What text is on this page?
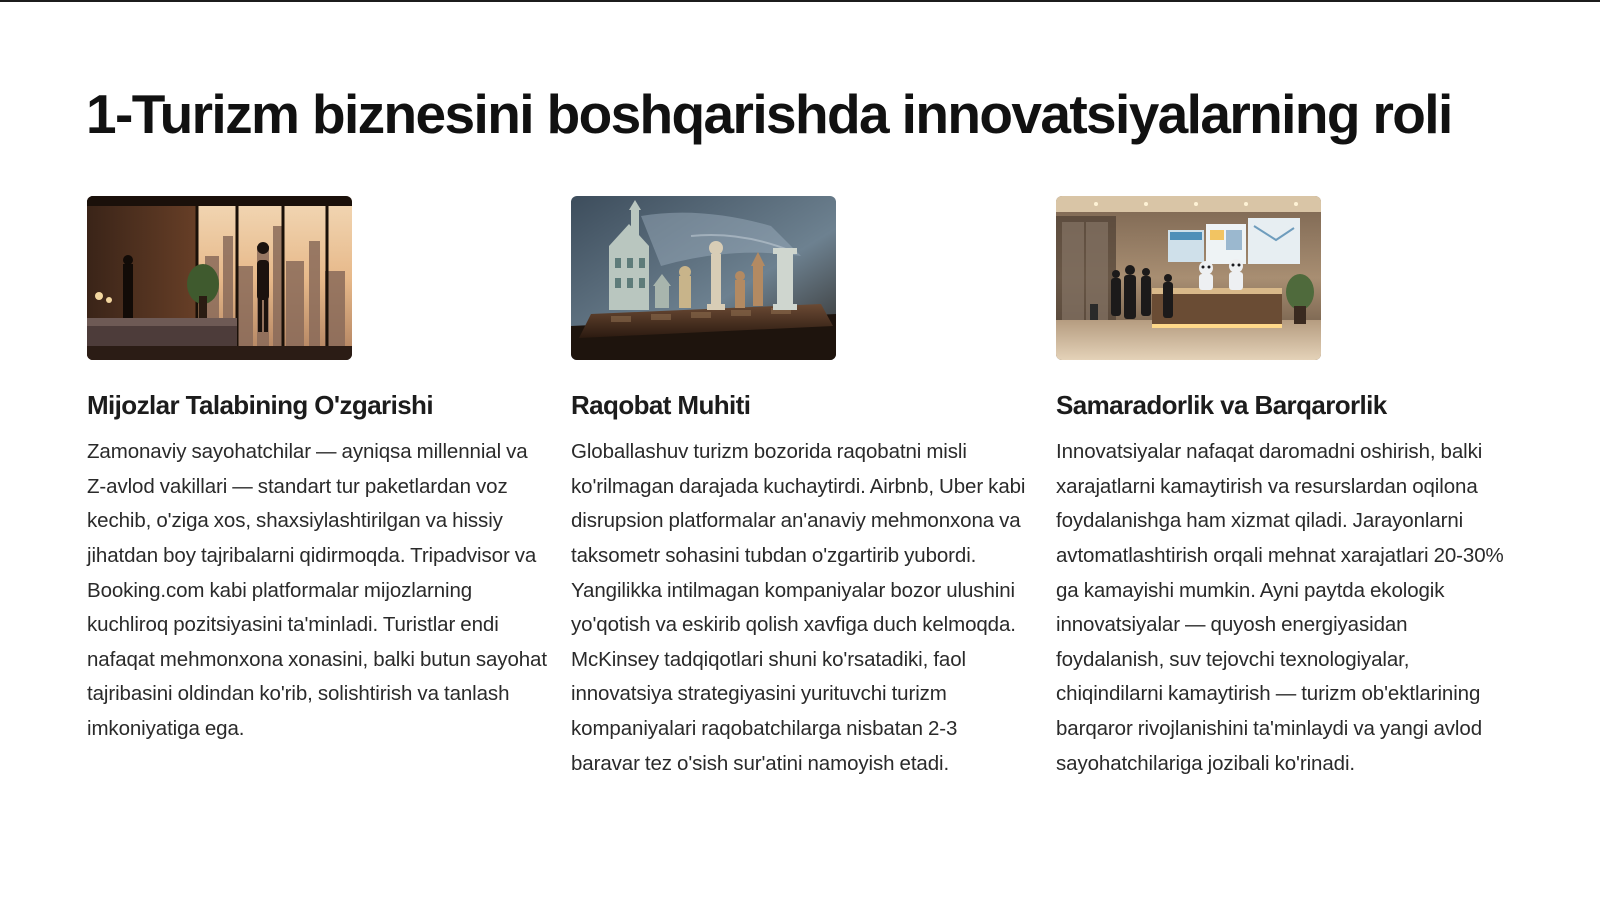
1-Turizm biznesini boshqarishda innovatsiyalarning roli
Mijozlar Talabining O'zgarishi

Zamonaviy sayohatchilar — ayniqsa millennial va Z-avlod vakillari — standart tur paketlardan voz kechib, o'ziga xos, shaxsiylashtirilgan va hissiy jihatdan boy tajribalarni qidirmoqda. Tripadvisor va Booking.com kabi platformalar mijozlarning kuchliroq pozitsiyasini ta'minladi. Turistlar endi nafaqat mehmonxona xonasini, balki butun sayohat tajribasini oldindan ko'rib, solishtirish va tanlash imkoniyatiga ega.

Raqobat Muhiti

Globallashuv turizm bozorida raqobatni misli ko'rilmagan darajada kuchaytirdi. Airbnb, Uber kabi disrupsion platformalar an'anaviy mehmonxona va taksometr sohasini tubdan o'zgartirib yubordi. Yangilikka intilmagan kompaniyalar bozor ulushini yo'qotish va eskirib qolish xavfiga duch kelmoqda. McKinsey tadqiqotlari shuni ko'rsatadiki, faol innovatsiya strategiyasini yurituvchi turizm kompaniyalari raqobatchilarga nisbatan 2-3 baravar tez o'sish sur'atini namoyish etadi.

Samaradorlik va Barqarorlik

Innovatsiyalar nafaqat daromadni oshirish, balki xarajatlarni kamaytirish va resurslardan oqilona foydalanishga ham xizmat qiladi. Jarayonlarni avtomatlashtirish orqali mehnat xarajatlari 20-30% ga kamayishi mumkin. Ayni paytda ekologik innovatsiyalar — quyosh energiyasidan foydalanish, suv tejovchi texnologiyalar, chiqindilarni kamaytirish — turizm ob'ektlarining barqaror rivojlanishini ta'minlaydi va yangi avlod sayohatchilariga jozibali ko'rinadi.
